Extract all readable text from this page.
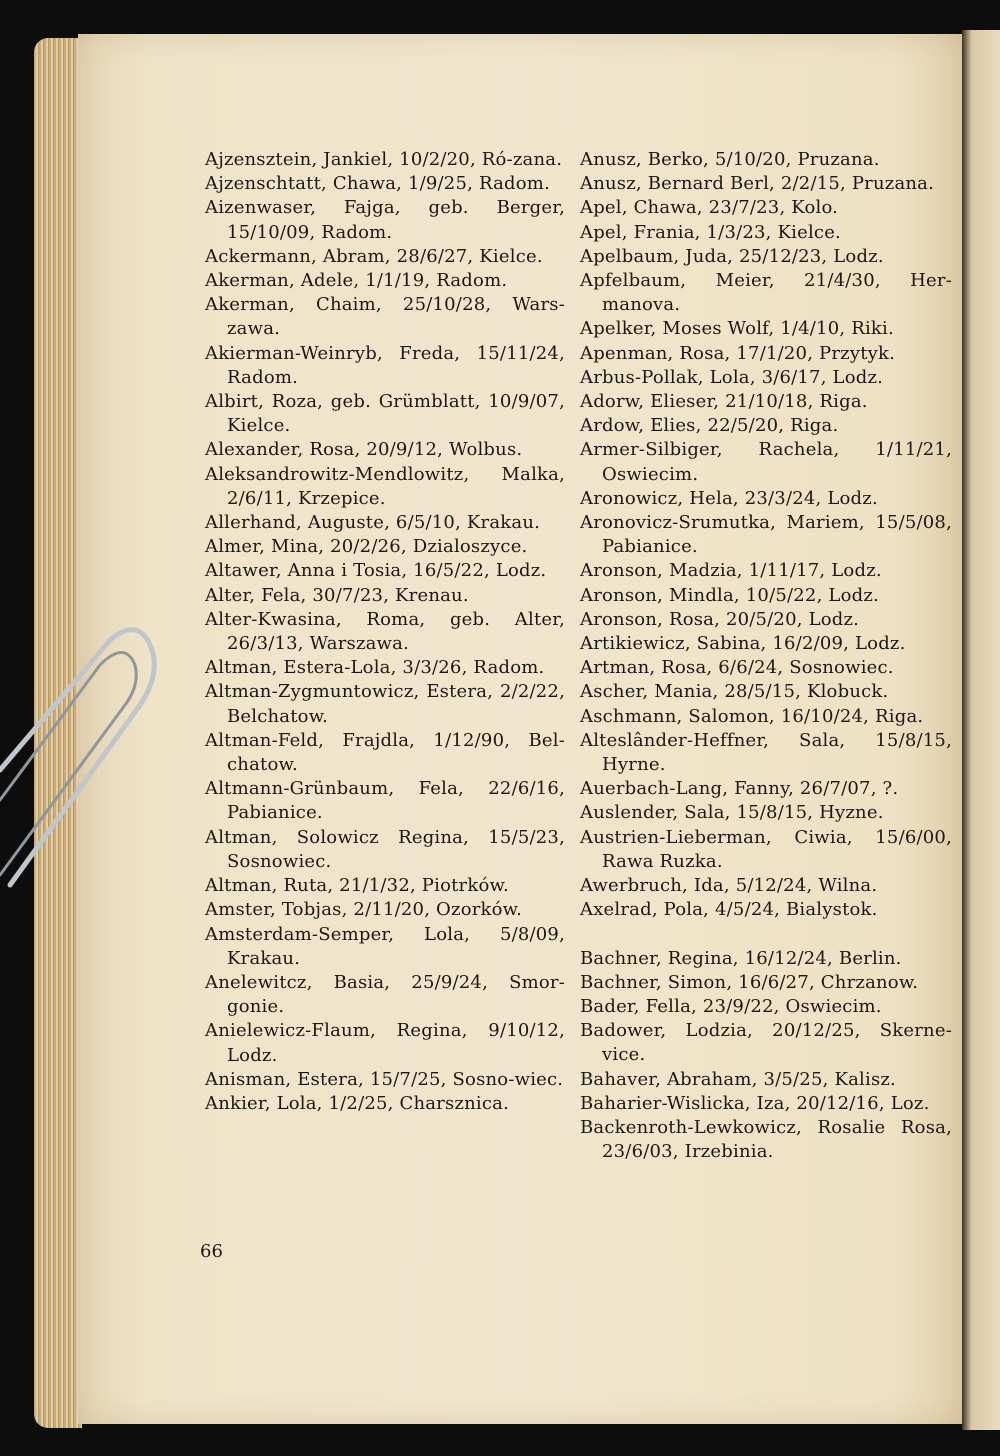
Ajzensztein, Jankiel, 10/2/20, Ró-zana.
Ajzenschtatt, Chawa, 1/9/25, Radom.
Aizenwaser, Fajga, geb. Berger, 15/10/09, Radom.
Ackermann, Abram, 28/6/27, Kielce.
Akerman, Adele, 1/1/19, Radom.
Akerman, Chaim, 25/10/28, Wars-zawa.
Akierman-Weinryb, Freda, 15/11/24, Radom.
Albirt, Roza, geb. Grümblatt, 10/9/07, Kielce.
Alexander, Rosa, 20/9/12, Wolbus.
Aleksandrowitz-Mendlowitz, Malka, 2/6/11, Krzepice.
Allerhand, Auguste, 6/5/10, Krakau.
Almer, Mina, 20/2/26, Dzialoszyce.
Altawer, Anna i Tosia, 16/5/22, Lodz.
Alter, Fela, 30/7/23, Krenau.
Alter-Kwasina, Roma, geb. Alter, 26/3/13, Warszawa.
Altman, Estera-Lola, 3/3/26, Radom.
Altman-Zygmuntowicz, Estera, 2/2/22, Belchatow.
Altman-Feld, Frajdla, 1/12/90, Bel-chatow.
Altmann-Grünbaum, Fela, 22/6/16, Pabianice.
Altman, Solowicz Regina, 15/5/23, Sosnowiec.
Altman, Ruta, 21/1/32, Piotrków.
Amster, Tobjas, 2/11/20, Ozorków.
Amsterdam-Semper, Lola, 5/8/09, Krakau.
Anelewitcz, Basia, 25/9/24, Smor-gonie.
Anielewicz-Flaum, Regina, 9/10/12, Lodz.
Anisman, Estera, 15/7/25, Sosno-wiec.
Ankier, Lola, 1/2/25, Charsznica.
Anusz, Berko, 5/10/20, Pruzana.
Anusz, Bernard Berl, 2/2/15, Pruzana.
Apel, Chawa, 23/7/23, Kolo.
Apel, Frania, 1/3/23, Kielce.
Apelbaum, Juda, 25/12/23, Lodz.
Apfelbaum, Meier, 21/4/30, Her-manova.
Apelker, Moses Wolf, 1/4/10, Riki.
Apenman, Rosa, 17/1/20, Przytyk.
Arbus-Pollak, Lola, 3/6/17, Lodz.
Adorw, Elieser, 21/10/18, Riga.
Ardow, Elies, 22/5/20, Riga.
Armer-Silbiger, Rachela, 1/11/21, Oswiecim.
Aronowicz, Hela, 23/3/24, Lodz.
Aronovicz-Srumutka, Mariem, 15/5/08, Pabianice.
Aronson, Madzia, 1/11/17, Lodz.
Aronson, Mindla, 10/5/22, Lodz.
Aronson, Rosa, 20/5/20, Lodz.
Artikiewicz, Sabina, 16/2/09, Lodz.
Artman, Rosa, 6/6/24, Sosnowiec.
Ascher, Mania, 28/5/15, Klobuck.
Aschmann, Salomon, 16/10/24, Riga.
Alteslânder-Heffner, Sala, 15/8/15, Hyrne.
Auerbach-Lang, Fanny, 26/7/07, ?.
Auslender, Sala, 15/8/15, Hyzne.
Austrien-Lieberman, Ciwia, 15/6/00, Rawa Ruzka.
Awerbruch, Ida, 5/12/24, Wilna.
Axelrad, Pola, 4/5/24, Bialystok.
Bachner, Regina, 16/12/24, Berlin.
Bachner, Simon, 16/6/27, Chrzanow.
Bader, Fella, 23/9/22, Oswiecim.
Badower, Lodzia, 20/12/25, Skerne-vice.
Bahaver, Abraham, 3/5/25, Kalisz.
Baharier-Wislicka, Iza, 20/12/16, Loz.
Backenroth-Lewkowicz, Rosalie Rosa, 23/6/03, Irzebinia.
66
